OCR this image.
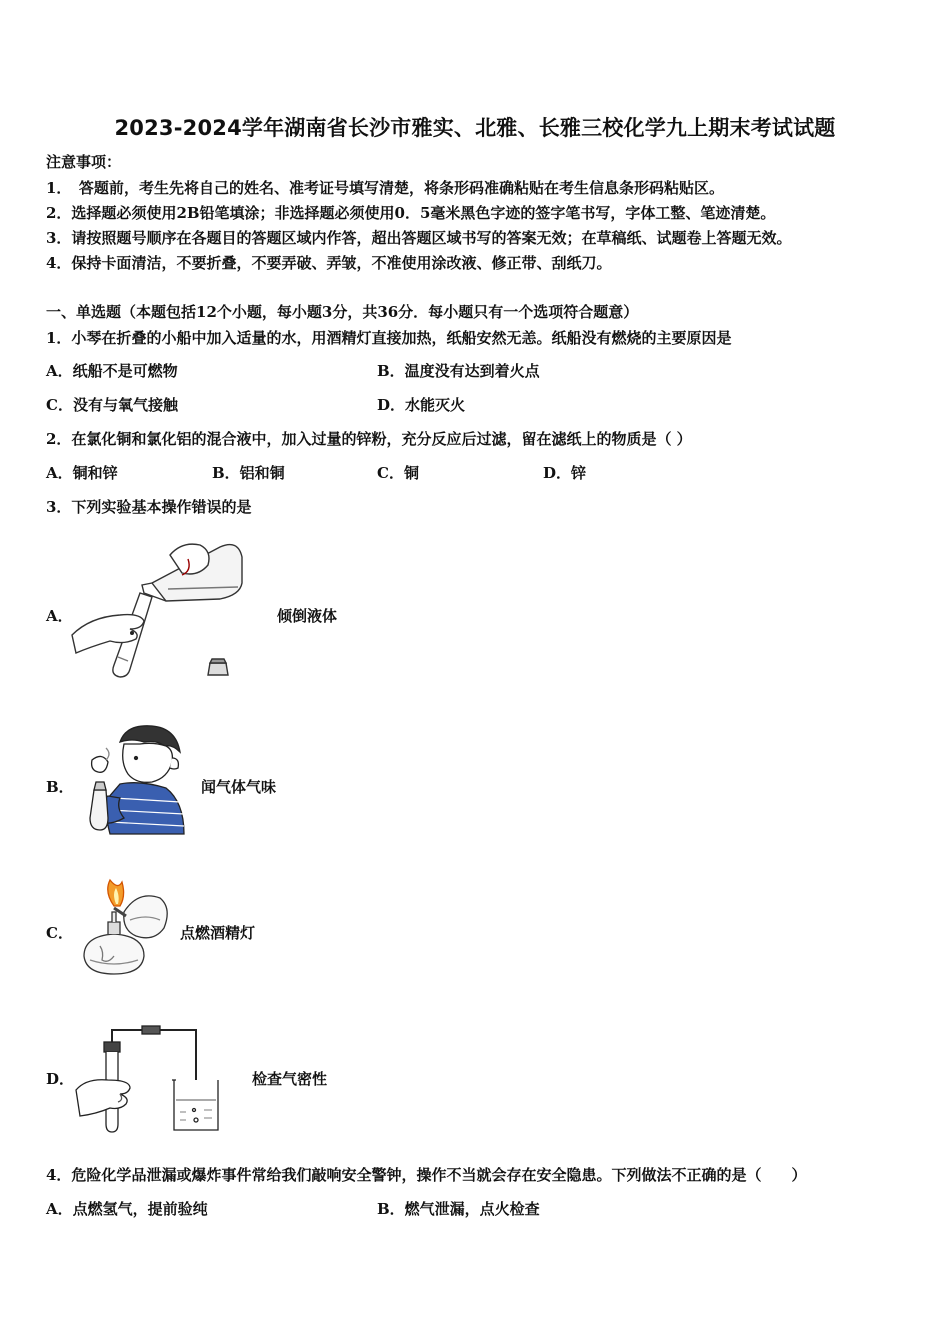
2023-2024学年湖南省长沙市雅实、北雅、长雅三校化学九上期末考试试题
注意事项：
1．　答题前，考生先将自己的姓名、准考证号填写清楚，将条形码准确粘贴在考生信息条形码粘贴区。
2．选择题必须使用2B铅笔填涂；非选择题必须使用0．5毫米黑色字迹的签字笔书写，字体工整、笔迹清楚。
3．请按照题号顺序在各题目的答题区域内作答，超出答题区域书写的答案无效；在草稿纸、试题卷上答题无效。
4．保持卡面清洁，不要折叠，不要弄破、弄皱，不准使用涂改液、修正带、刮纸刀。
一、单选题（本题包括12个小题，每小题3分，共36分．每小题只有一个选项符合题意）
1．小琴在折叠的小船中加入适量的水，用酒精灯直接加热，纸船安然无恙。纸船没有燃烧的主要原因是
A．纸船不是可燃物	B．温度没有达到着火点
C．没有与氧气接触	D．水能灭火
2．在氯化铜和氯化铝的混合液中，加入过量的锌粉，充分反应后过滤，留在滤纸上的物质是（ ）
A．铜和锌	B．铝和铜	C．铜	D．锌
3．下列实验基本操作错误的是
A．	倾倒液体
B．	闻气体气味
C．	点燃酒精灯
D．	检查气密性
4．危险化学品泄漏或爆炸事件常给我们敲响安全警钟，操作不当就会存在安全隐患。下列做法不正确的是（　　）
A．点燃氢气，提前验纯	B．燃气泄漏，点火检查
